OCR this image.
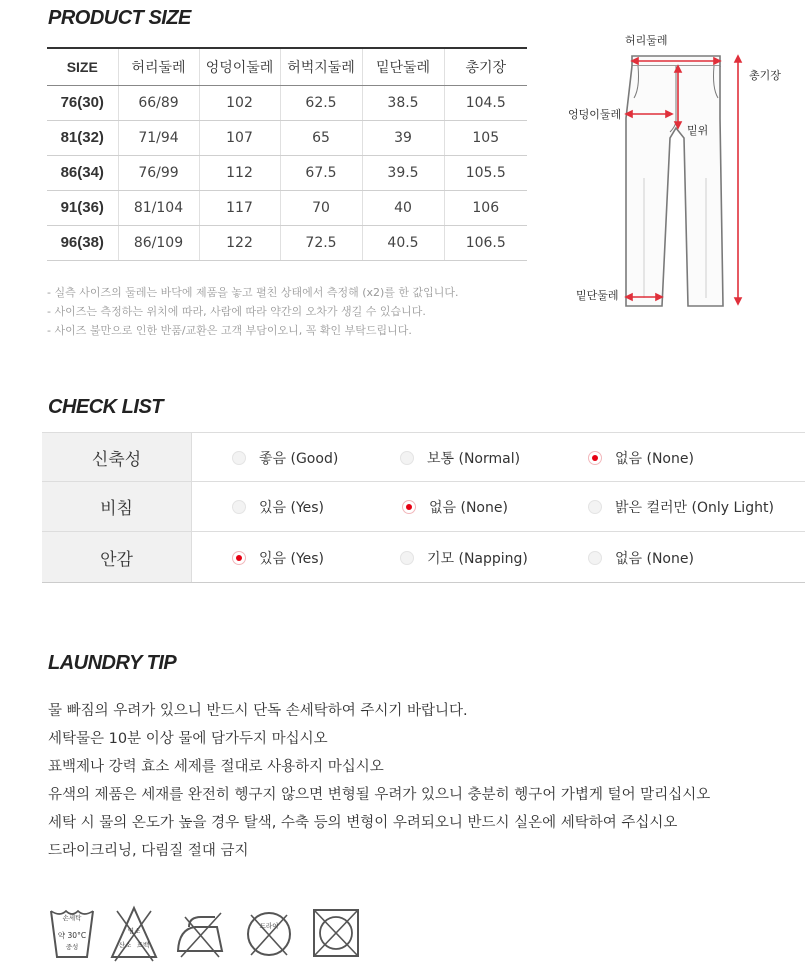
PRODUCT SIZE
SIZE	허리둘레	엉덩이둘레	허벅지둘레	밑단둘레	총기장
76(30)	66/89	102	62.5	38.5	104.5
81(32)	71/94	107	65	39	105
86(34)	76/99	112	67.5	39.5	105.5
91(36)	81/104	117	70	40	106
96(38)	86/109	122	72.5	40.5	106.5
- 실측 사이즈의 둘레는 바닥에 제품을 놓고 펼친 상태에서 측정해 (x2)를 한 값입니다.
- 사이즈는 측정하는 위치에 따라, 사람에 따라 약간의 오차가 생길 수 있습니다.
- 사이즈 불만으로 인한 반품/교환은 고객 부담이오니, 꼭 확인 부탁드립니다.
허리둘레
엉덩이둘레
밑위
총기장
밑단둘레
CHECK LIST
신축성	좋음 (Good)	보통 (Normal)	없음 (None)
비침	있음 (Yes)	없음 (None)	밝은 컬러만 (Only Light)
안감	있음 (Yes)	기모 (Napping)	없음 (None)
LAUNDRY TIP
물 빠짐의 우려가 있으니 반드시 단독 손세탁하여 주시기 바랍니다.
세탁물은 10분 이상 물에 담가두지 마십시오
표백제나 강력 효소 세제를 절대로 사용하지 마십시오
유색의 제품은 세재를 완전히 헹구지 않으면 변형될 우려가 있으니 충분히 헹구어 가볍게 털어 말리십시오
세탁 시 물의 온도가 높을 경우 탈색, 수축 등의 변형이 우려되오니 반드시 실온에 세탁하여 주십시오
드라이크리닝, 다림질 절대 금지
손세탁
약 30°C
중성
염소
산소 표백
드라이
